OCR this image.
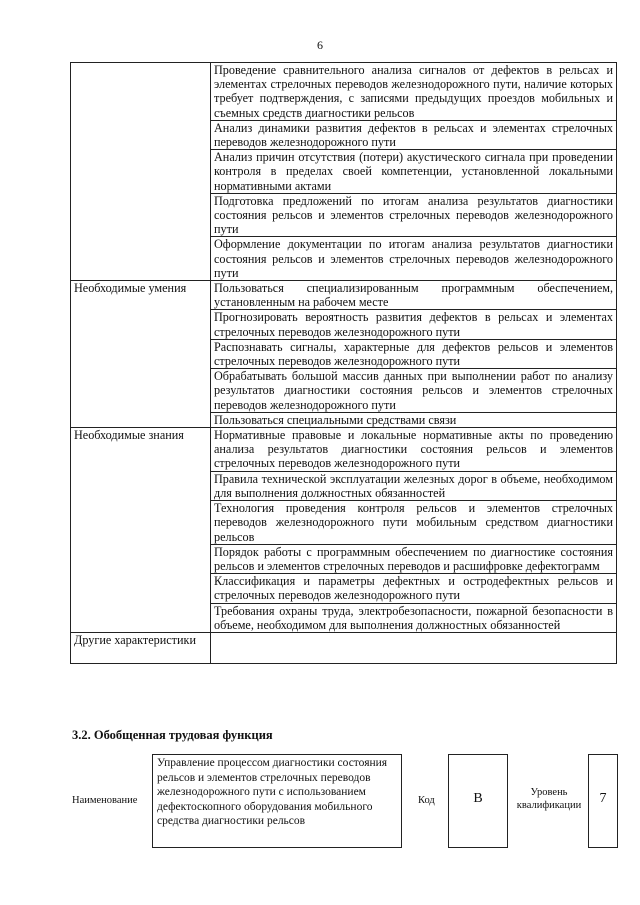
6
	Проведение сравнительного анализа сигналов от дефектов в рельсах и элементах стрелочных переводов железнодорожного пути, наличие которых требует подтверждения, с записями предыдущих проездов мобильных и съемных средств диагностики рельсов
	Анализ динамики развития дефектов в рельсах и элементах стрелочных переводов железнодорожного пути
	Анализ причин отсутствия (потери) акустического сигнала при проведении контроля в пределах своей компетенции, установленной локальными нормативными актами
	Подготовка предложений по итогам анализа результатов диагностики состояния рельсов и элементов стрелочных переводов железнодорожного пути
	Оформление документации по итогам анализа результатов диагностики состояния рельсов и элементов стрелочных переводов железнодорожного пути
Необходимые умения	Пользоваться специализированным программным обеспечением, установленным на рабочем месте
	Прогнозировать вероятность развития дефектов в рельсах и элементах стрелочных переводов железнодорожного пути
	Распознавать сигналы, характерные для дефектов рельсов и элементов стрелочных переводов железнодорожного пути
	Обрабатывать большой массив данных при выполнении работ по анализу результатов диагностики состояния рельсов и элементов стрелочных переводов железнодорожного пути
	Пользоваться специальными средствами связи
Необходимые знания	Нормативные правовые и локальные нормативные акты по проведению анализа результатов диагностики состояния рельсов и элементов стрелочных переводов железнодорожного пути
	Правила технической эксплуатации железных дорог в объеме, необходимом для выполнения должностных обязанностей
	Технология проведения контроля рельсов и элементов стрелочных переводов железнодорожного пути мобильным средством диагностики рельсов
	Порядок работы с программным обеспечением по диагностике состояния рельсов и элементов стрелочных переводов и расшифровке дефектограмм
	Классификация и параметры дефектных и остродефектных рельсов и стрелочных переводов железнодорожного пути
	Требования охраны труда, электробезопасности, пожарной безопасности в объеме, необходимом для выполнения должностных обязанностей
Другие характеристики	
3.2. Обобщенная трудовая функция
Наименование
Управление процессом диагностики состояния рельсов и элементов стрелочных переводов железнодорожного пути с использованием дефектоскопного оборудования мобильного средства диагностики рельсов
Код	B	Уровень квалификации	7
